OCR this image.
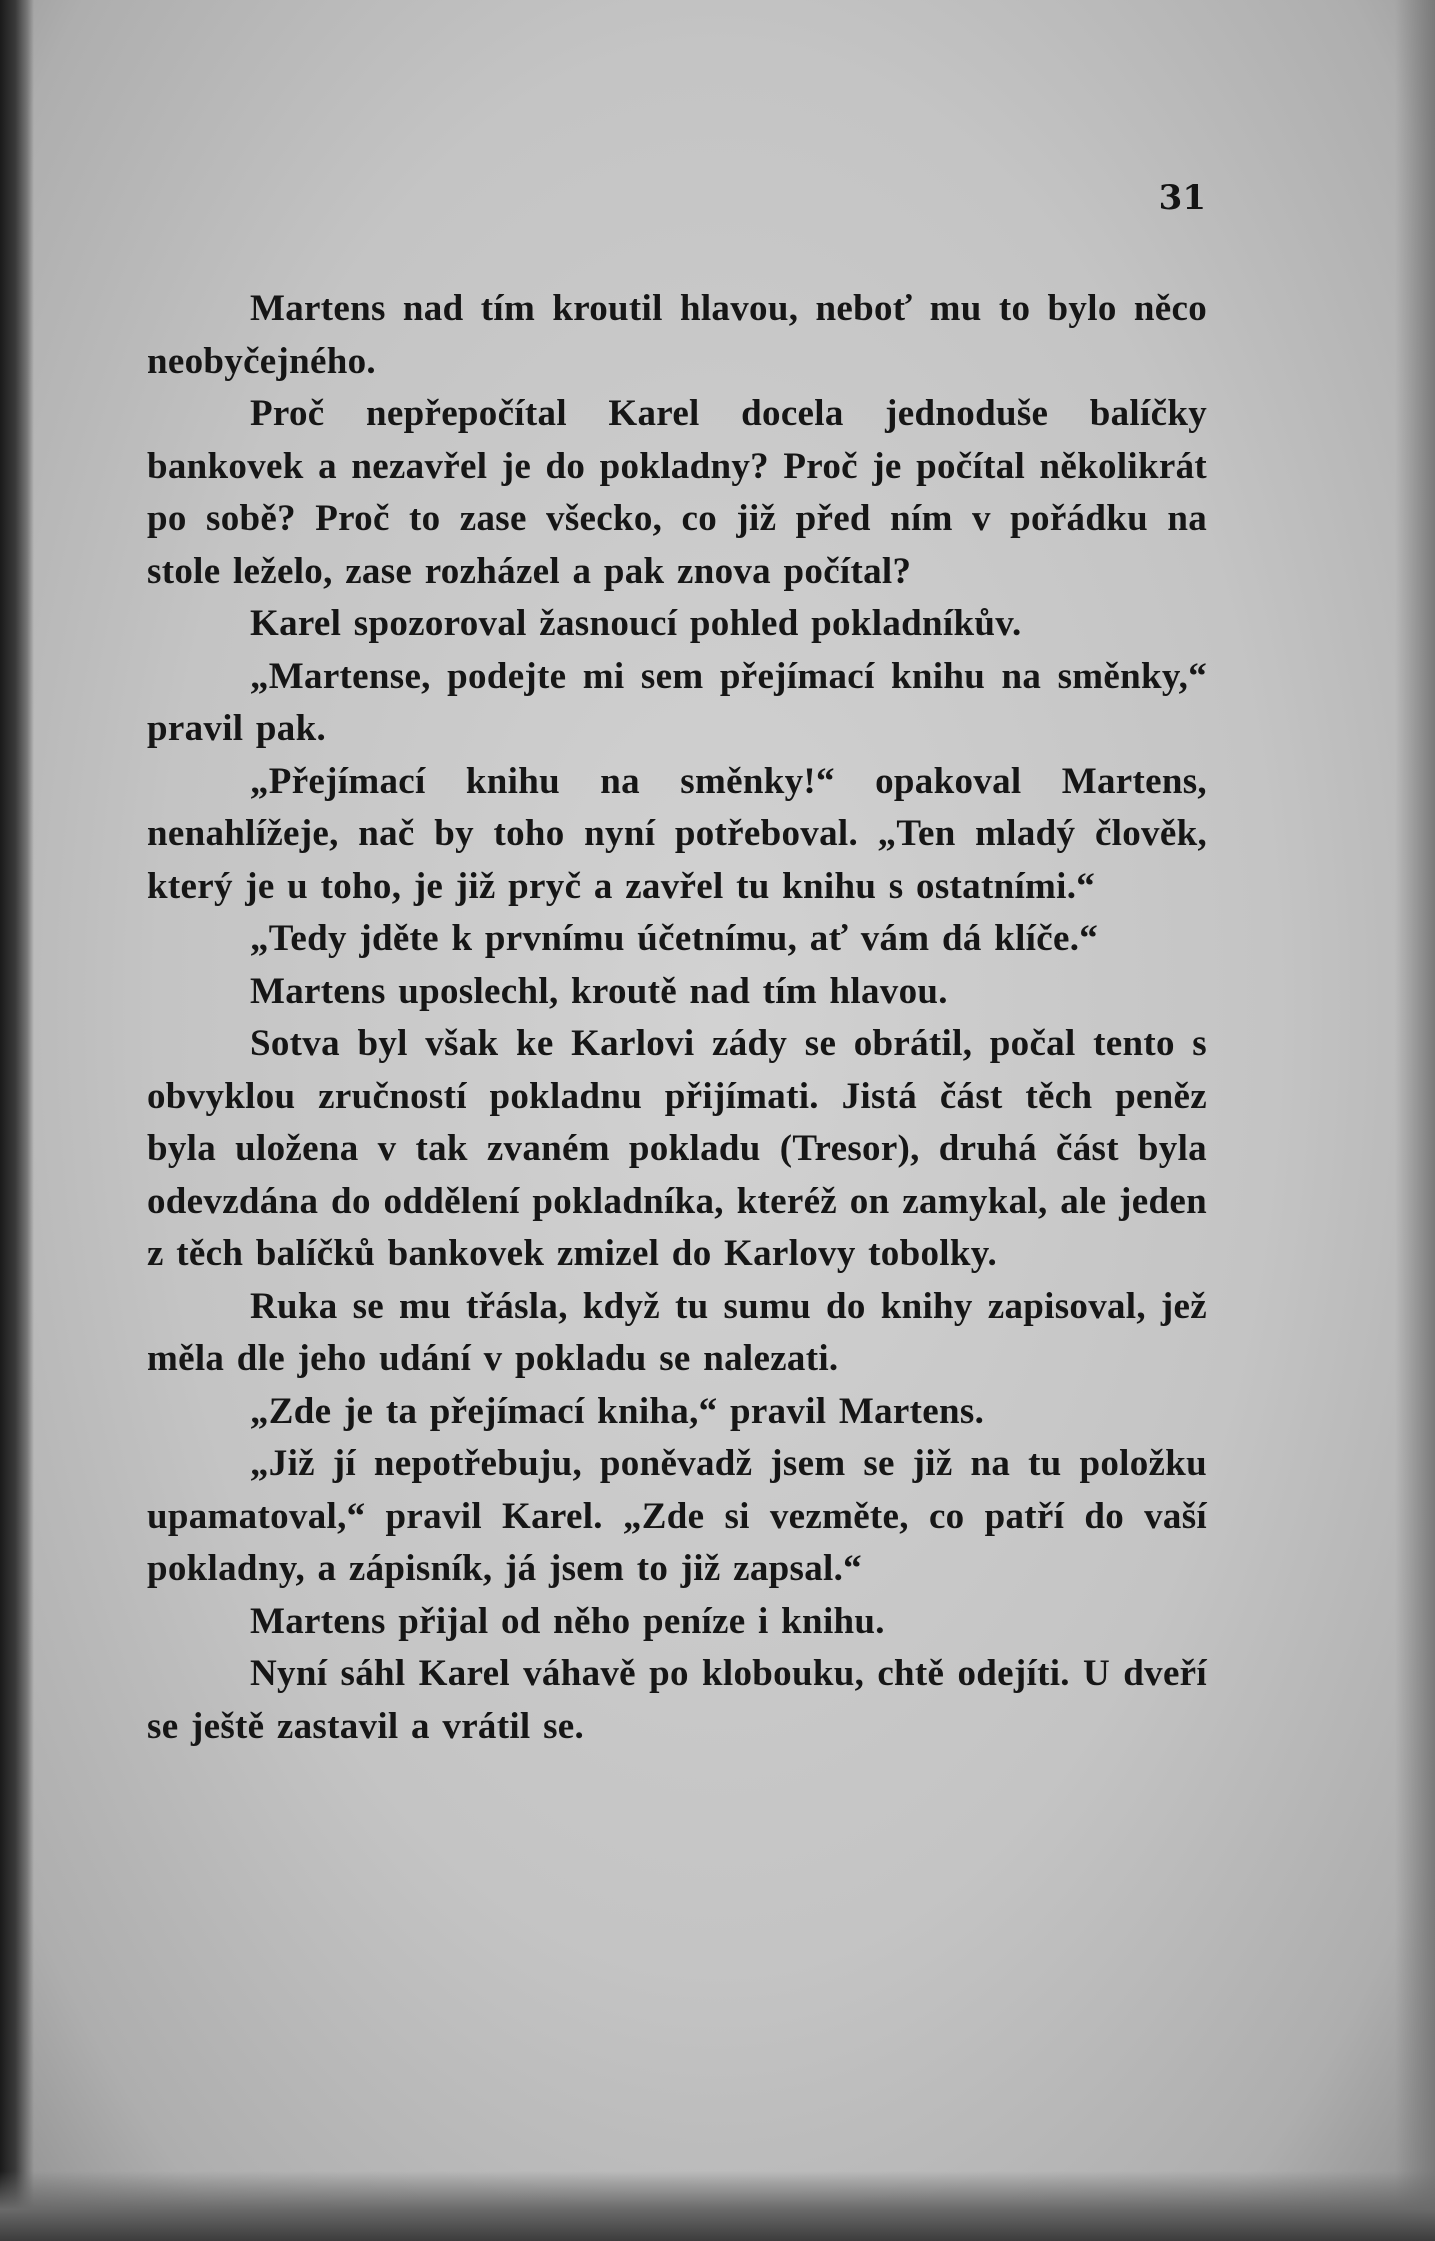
31

Martens nad tím kroutil hlavou, neboť mu to bylo něco neobyčejného.

Proč nepřepočítal Karel docela jednoduše balíčky bankovek a nezavřel je do pokladny? Proč je počítal několikrát po sobě? Proč to zase všecko, co již před ním v pořádku na stole leželo, zase rozházel a pak znova počítal?

Karel spozoroval žasnoucí pohled pokladníkův.

„Martense, podejte mi sem přejímací knihu na směnky,“ pravil pak.

„Přejímací knihu na směnky!“ opakoval Martens, nenahlížeje, nač by toho nyní potřeboval. „Ten mladý člověk, který je u toho, je již pryč a zavřel tu knihu s ostatními.“

„Tedy jděte k prvnímu účetnímu, ať vám dá klíče.“

Martens uposlechl, kroutě nad tím hlavou.

Sotva byl však ke Karlovi zády se obrátil, počal tento s obvyklou zručností pokladnu přijímati. Jistá část těch peněz byla uložena v tak zvaném pokladu (Tresor), druhá část byla odevzdána do oddělení pokladníka, kteréž on zamykal, ale jeden z těch balíčků bankovek zmizel do Karlovy tobolky.

Ruka se mu třásla, když tu sumu do knihy zapisoval, jež měla dle jeho udání v pokladu se nalezati.

„Zde je ta přejímací kniha,“ pravil Martens.

„Již jí nepotřebuju, poněvadž jsem se již na tu položku upamatoval,“ pravil Karel. „Zde si vezměte, co patří do vaší pokladny, a zápisník, já jsem to již zapsal.“

Martens přijal od něho peníze i knihu.

Nyní sáhl Karel váhavě po klobouku, chtě odejíti. U dveří se ještě zastavil a vrátil se.
